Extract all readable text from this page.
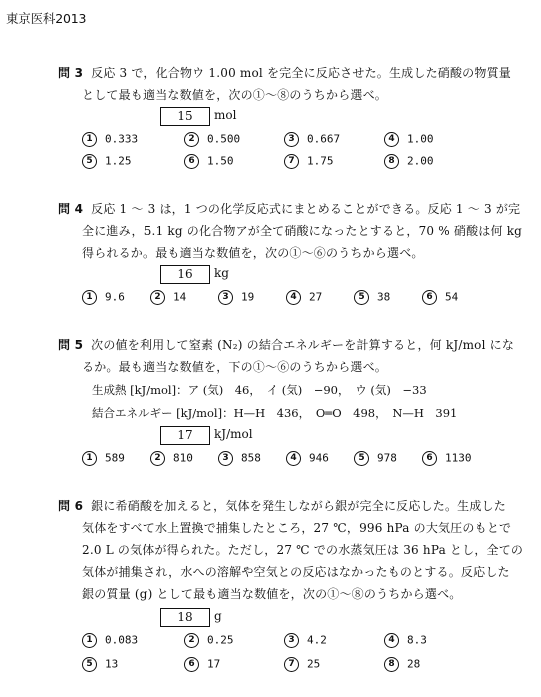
東京医科2013
問 3 反応 3 で，化合物ウ 1.00 mol を完全に反応させた。生成した硝酸の物質量
として最も適当な数値を，次の①～⑧のうちから選べ。
15	mol
1 0.333	2 0.500	3 0.667	4 1.00
5 1.25	6 1.50	7 1.75	8 2.00
問 4 反応 1 ～ 3 は，1 つの化学反応式にまとめることができる。反応 1 ～ 3 が完
全に進み，5.1 kg の化合物アが全て硝酸になったとすると，70 % 硝酸は何 kg
得られるか。最も適当な数値を，次の①～⑥のうちから選べ。
16	kg
1 9.6	2 14	3 19	4 27	5 38	6 54
問 5 次の値を利用して窒素 (N₂) の結合エネルギーを計算すると，何 kJ/mol にな
るか。最も適当な数値を，下の①～⑥のうちから選べ。
生成熱 [kJ/mol]：ア (気)　46，　イ (気)　−90，　ウ (気)　−33
結合エネルギー [kJ/mol]：H—H　436，　O═O　498，　N—H　391
17	kJ/mol
1 589	2 810	3 858	4 946	5 978	6 1130
問 6 銀に希硝酸を加えると，気体を発生しながら銀が完全に反応した。生成した
気体をすべて水上置換で捕集したところ，27 ℃，996 hPa の大気圧のもとで
2.0 L の気体が得られた。ただし，27 ℃ での水蒸気圧は 36 hPa とし，全ての
気体が捕集され，水への溶解や空気との反応はなかったものとする。反応した
銀の質量 (g) として最も適当な数値を，次の①～⑧のうちから選べ。
18	g
1 0.083	2 0.25	3 4.2	4 8.3
5 13	6 17	7 25	8 28
